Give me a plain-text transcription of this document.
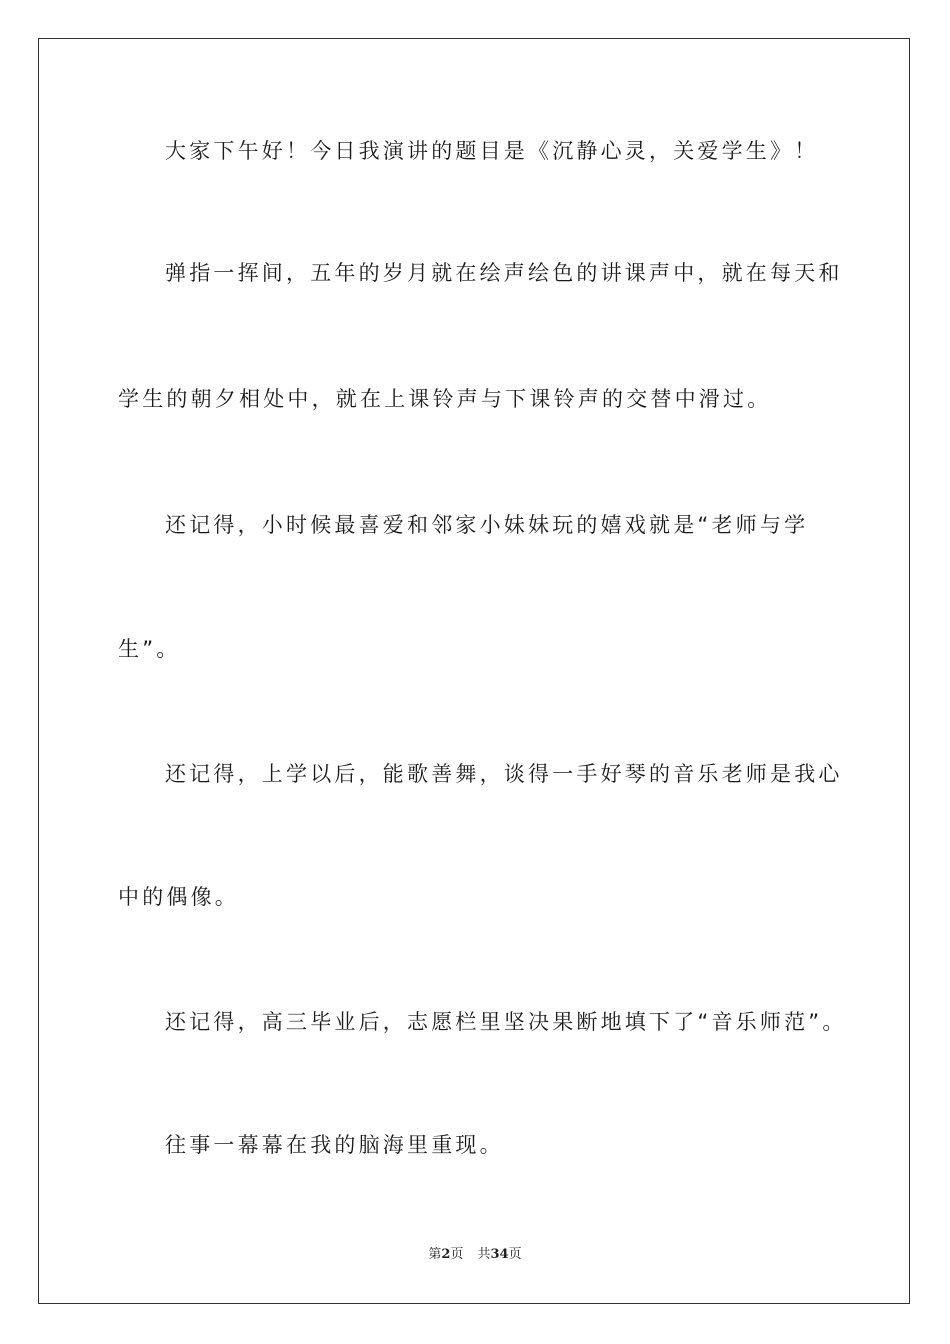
大家下午好！今日我演讲的题目是《沉静心灵，关爱学生》！
弹指一挥间，五年的岁月就在绘声绘色的讲课声中，就在每天和
学生的朝夕相处中，就在上课铃声与下课铃声的交替中滑过。
还记得，小时候最喜爱和邻家小妹妹玩的嬉戏就是“老师与学
生”。
还记得，上学以后，能歌善舞，谈得一手好琴的音乐老师是我心
中的偶像。
还记得，高三毕业后，志愿栏里坚决果断地填下了“音乐师范”。
往事一幕幕在我的脑海里重现。
第2页 共34页
